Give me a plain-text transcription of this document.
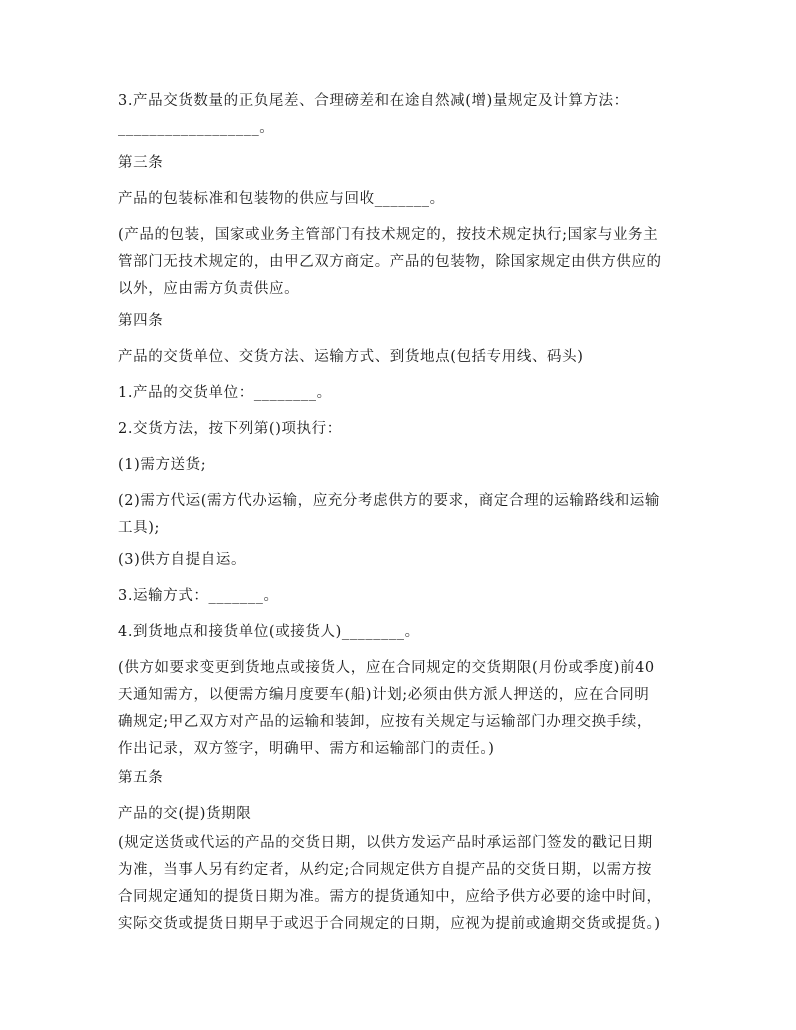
3.产品交货数量的正负尾差、合理磅差和在途自然减(增)量规定及计算方法：
__________________。

第三条

产品的包装标准和包装物的供应与回收_______。

(产品的包装，国家或业务主管部门有技术规定的，按技术规定执行;国家与业务主
管部门无技术规定的，由甲乙双方商定。产品的包装物，除国家规定由供方供应的
以外，应由需方负责供应。

第四条

产品的交货单位、交货方法、运输方式、到货地点(包括专用线、码头)

1.产品的交货单位：________。

2.交货方法，按下列第()项执行：

(1)需方送货;

(2)需方代运(需方代办运输，应充分考虑供方的要求，商定合理的运输路线和运输
工具);

(3)供方自提自运。

3.运输方式：_______。

4.到货地点和接货单位(或接货人)________。

(供方如要求变更到货地点或接货人，应在合同规定的交货期限(月份或季度)前40
天通知需方，以便需方编月度要车(船)计划;必须由供方派人押送的，应在合同明
确规定;甲乙双方对产品的运输和装卸，应按有关规定与运输部门办理交换手续，
作出记录，双方签字，明确甲、需方和运输部门的责任。)

第五条

产品的交(提)货期限

(规定送货或代运的产品的交货日期，以供方发运产品时承运部门签发的戳记日期
为准，当事人另有约定者，从约定;合同规定供方自提产品的交货日期，以需方按
合同规定通知的提货日期为准。需方的提货通知中，应给予供方必要的途中时间，
实际交货或提货日期早于或迟于合同规定的日期，应视为提前或逾期交货或提货。)
